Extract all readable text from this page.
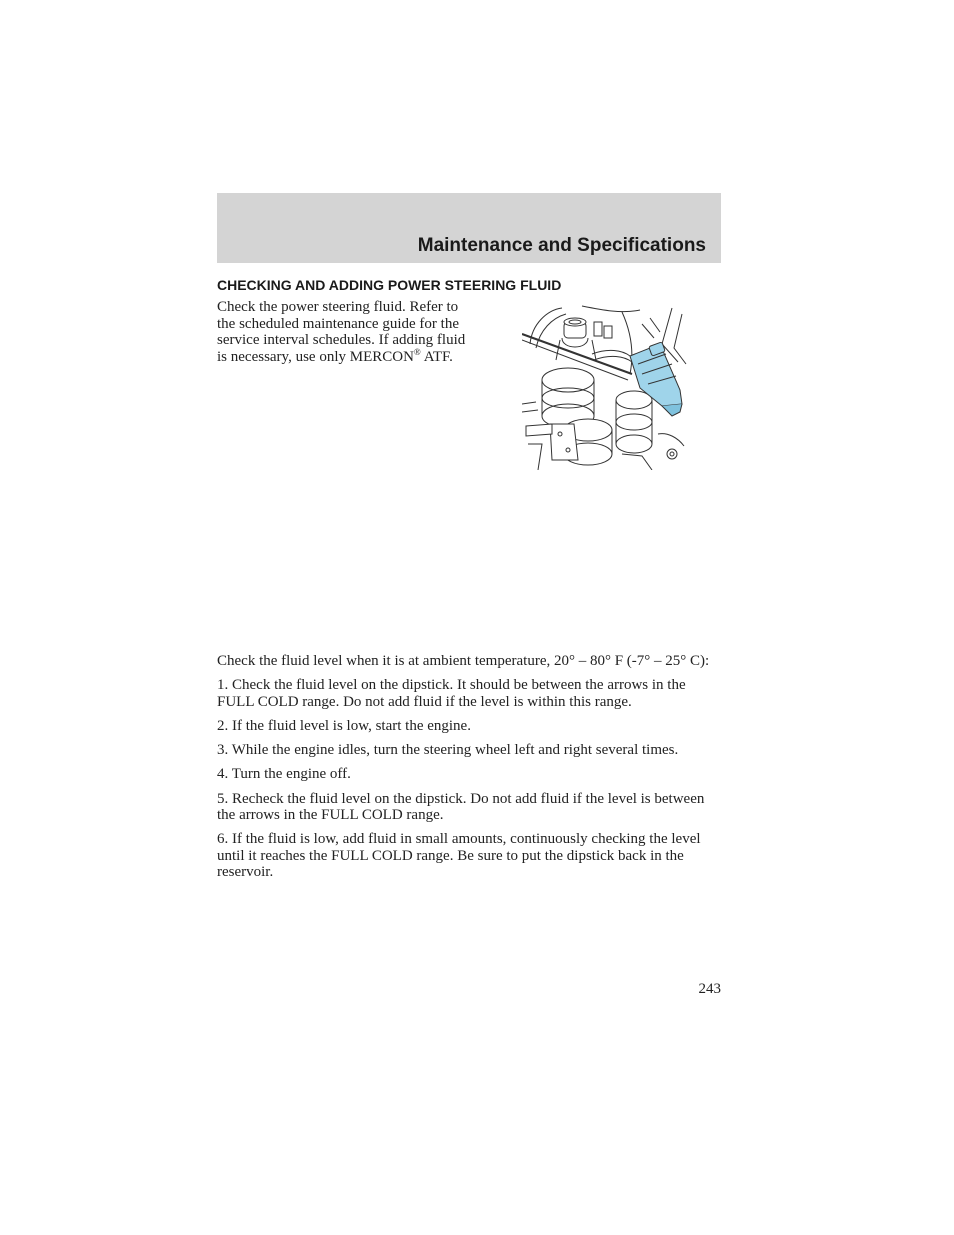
Maintenance and Specifications
CHECKING AND ADDING POWER STEERING FLUID
Check the power steering fluid. Refer to the scheduled maintenance guide for the service interval schedules. If adding fluid is necessary, use only MERCON® ATF.

Check the fluid level when it is at ambient temperature, 20° – 80° F (-7° – 25° C):

1. Check the fluid level on the dipstick. It should be between the arrows in the FULL COLD range. Do not add fluid if the level is within this range.

2. If the fluid level is low, start the engine.

3. While the engine idles, turn the steering wheel left and right several times.

4. Turn the engine off.

5. Recheck the fluid level on the dipstick. Do not add fluid if the level is between the arrows in the FULL COLD range.

6. If the fluid is low, add fluid in small amounts, continuously checking the level until it reaches the FULL COLD range. Be sure to put the dipstick back in the reservoir.

243
